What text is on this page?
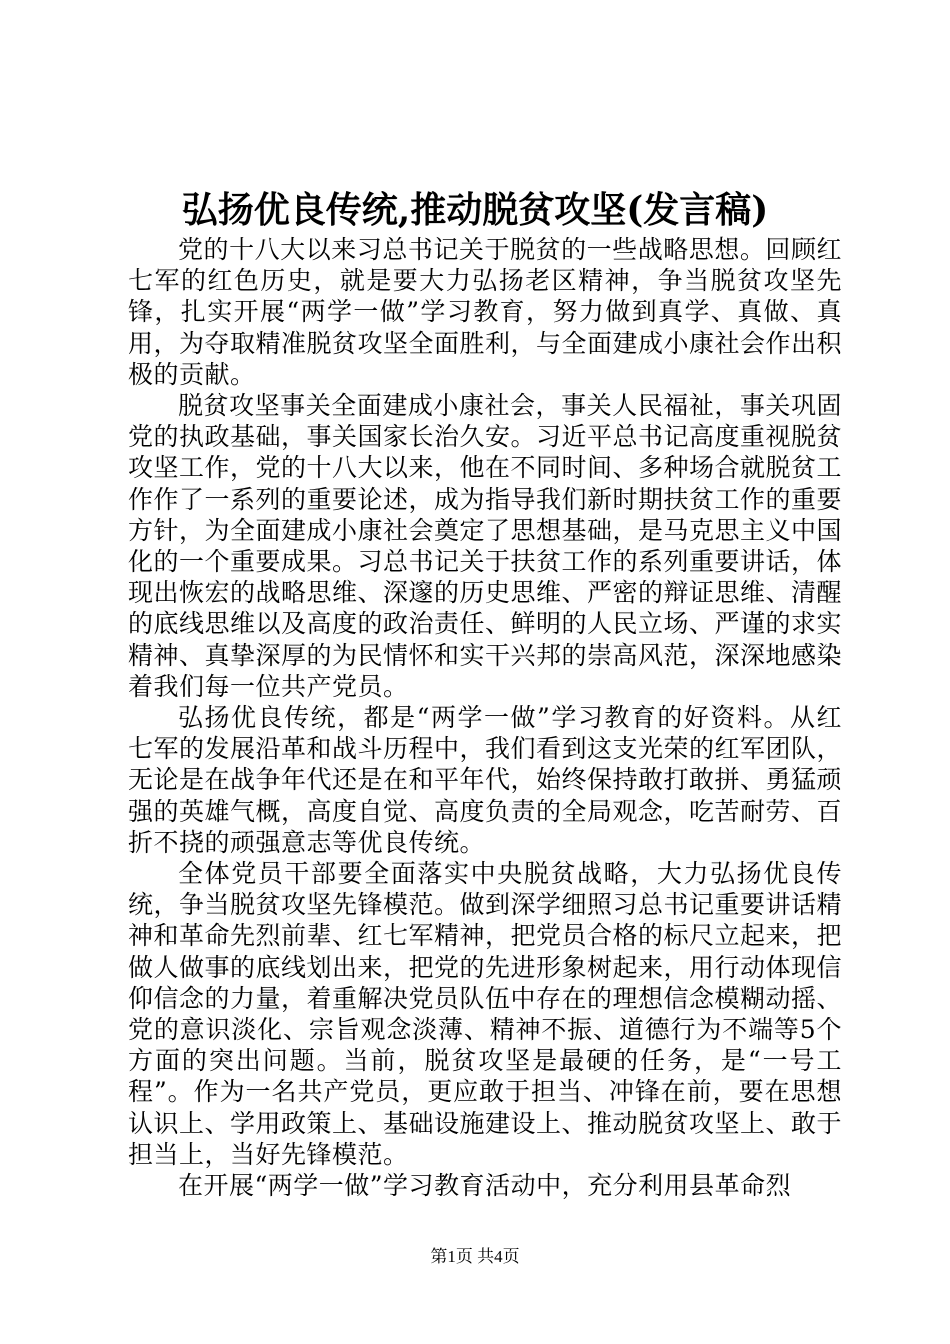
弘扬优良传统,推动脱贫攻坚(发言稿)

党的十八大以来习总书记关于脱贫的一些战略思想。回顾红七军的红色历史，就是要大力弘扬老区精神，争当脱贫攻坚先锋，扎实开展“两学一做”学习教育，努力做到真学、真做、真用，为夺取精准脱贫攻坚全面胜利，与全面建成小康社会作出积极的贡献。

脱贫攻坚事关全面建成小康社会，事关人民福祉，事关巩固党的执政基础，事关国家长治久安。习近平总书记高度重视脱贫攻坚工作，党的十八大以来，他在不同时间、多种场合就脱贫工作作了一系列的重要论述，成为指导我们新时期扶贫工作的重要方针，为全面建成小康社会奠定了思想基础，是马克思主义中国化的一个重要成果。习总书记关于扶贫工作的系列重要讲话，体现出恢宏的战略思维、深邃的历史思维、严密的辩证思维、清醒的底线思维以及高度的政治责任、鲜明的人民立场、严谨的求实精神、真挚深厚的为民情怀和实干兴邦的崇高风范，深深地感染着我们每一位共产党员。

弘扬优良传统，都是“两学一做”学习教育的好资料。从红七军的发展沿革和战斗历程中，我们看到这支光荣的红军团队，无论是在战争年代还是在和平年代，始终保持敢打敢拼、勇猛顽强的英雄气概，高度自觉、高度负责的全局观念，吃苦耐劳、百折不挠的顽强意志等优良传统。

全体党员干部要全面落实中央脱贫战略，大力弘扬优良传统，争当脱贫攻坚先锋模范。做到深学细照习总书记重要讲话精神和革命先烈前辈、红七军精神，把党员合格的标尺立起来，把做人做事的底线划出来，把党的先进形象树起来，用行动体现信仰信念的力量，着重解决党员队伍中存在的理想信念模糊动摇、党的意识淡化、宗旨观念淡薄、精神不振、道德行为不端等5个方面的突出问题。当前，脱贫攻坚是最硬的任务，是“一号工程”。作为一名共产党员，更应敢于担当、冲锋在前，要在思想认识上、学用政策上、基础设施建设上、推动脱贫攻坚上、敢于担当上，当好先锋模范。

在开展“两学一做”学习教育活动中，充分利用县革命烈

第1页 共4页
